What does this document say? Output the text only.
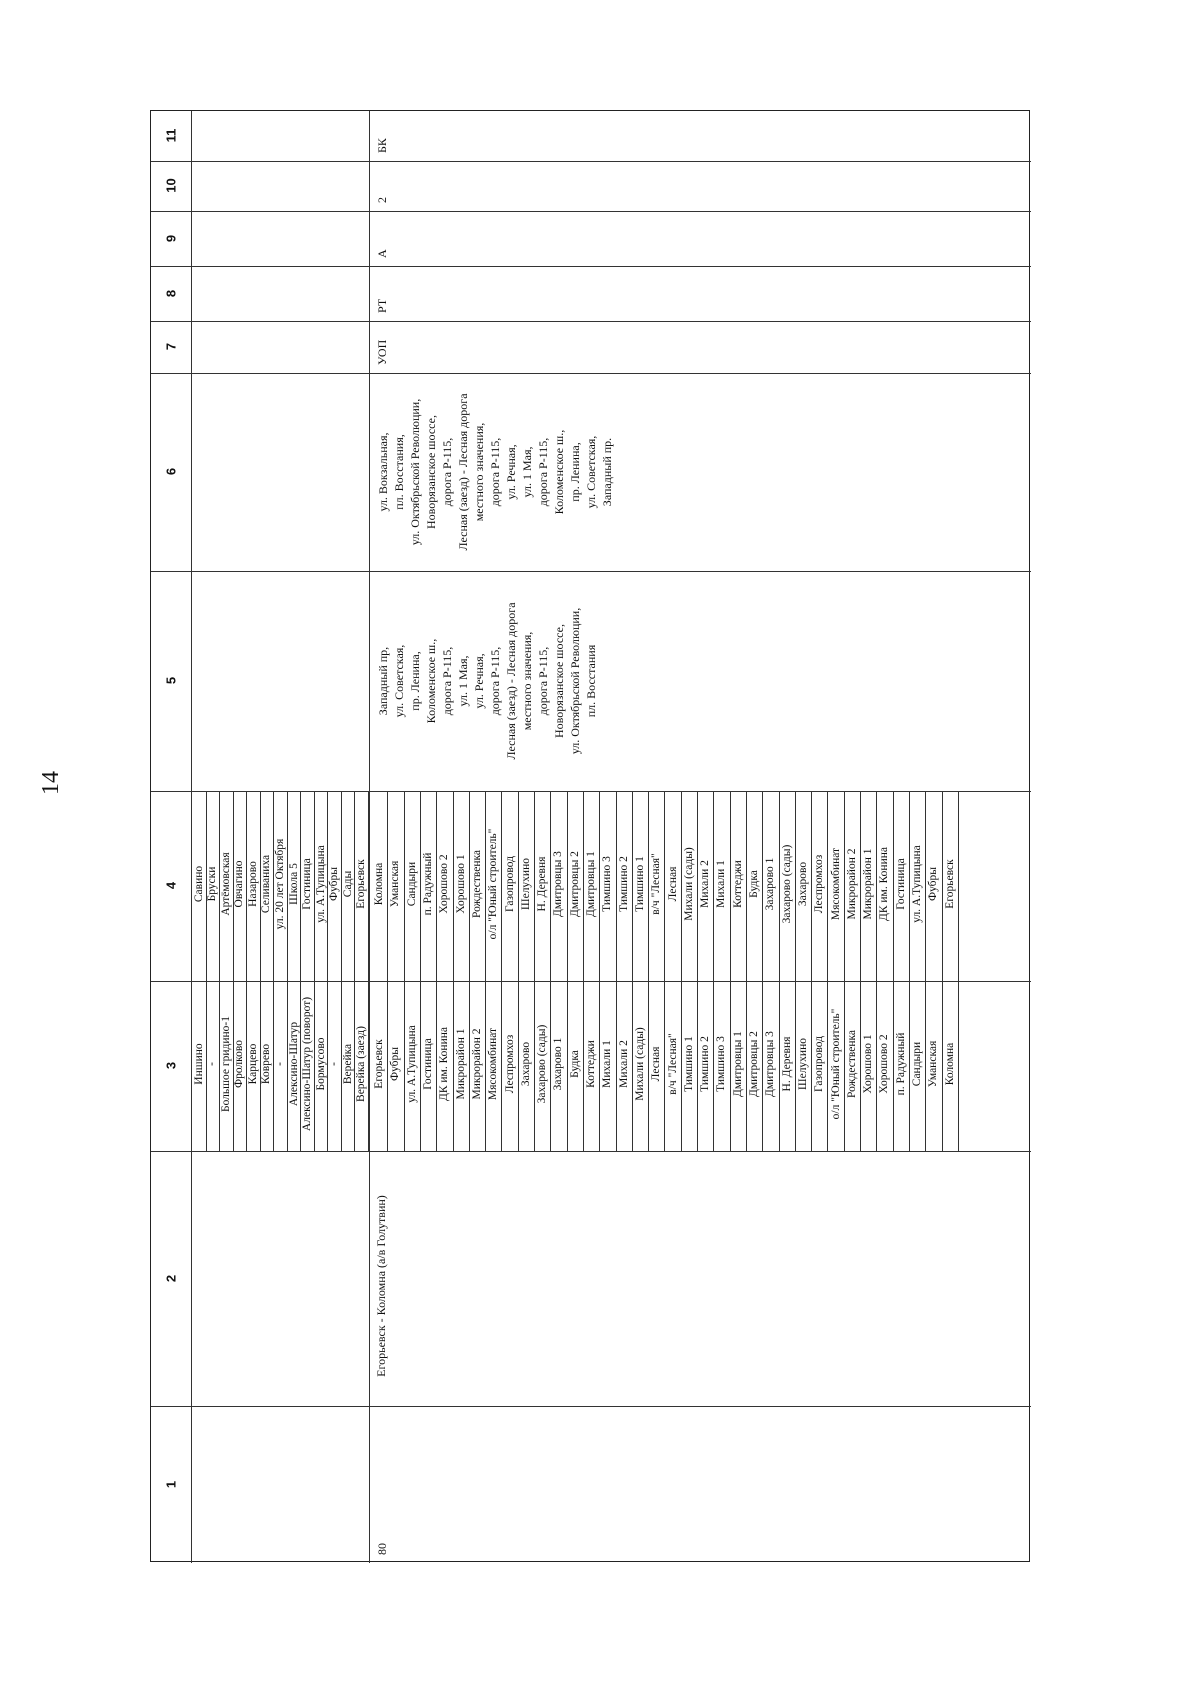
14
1
2
3
4
5
6
7
8
9
10
11
Иншино - Большое гридино-1 Фролково Карцево Коврево - Алексино-Шатур Алексино-Шатур (поворот) Бормусово - Верейка Верейка (заезд)
Савино Бруски Артёмовская Овчагино Назарово Селиваниха ул. 20 лет Октября Школа 5 Гостиница ул. А.Тупицына Фубры Сады Егорьевск
Егорьевск Фубры ул. А.Тупицына Гостиница ДК им. Конина Микрорайон 1 Микрорайон 2 Мясокомбинат Леспромхоз Захарово Захарово (сады) Захарово 1 Будка Коттеджи Михали 1 Михали 2 Михали (сады) Лесная в/ч "Лесная" Тимшино 1 Тимшино 2 Тимшино 3 Дмитровцы 1 Дмитровцы 2 Дмитровцы 3 Н. Деревня Шелухино Газопровод о/л "Юный строитель" Рождественка Хорошово 1 Хорошово 2 п. Радужный Сандыри Уманская Коломна
Коломна Уманская Сандыри п. Радужный Хорошово 2 Хорошово 1 Рождественка о/л "Юный строитель" Газопровод Шелухино Н. Деревня Дмитровцы 3 Дмитровцы 2 Дмитровцы 1 Тимшино 3 Тимшино 2 Тимшино 1 в/ч "Лесная" Лесная Михали (сады) Михали 2 Михали 1 Коттеджи Будка Захарово 1 Захарово (сады) Захарово Леспромхоз Мясокомбинат Микрорайон 2 Микрорайон 1 ДК им. Конина Гостиница ул. А.Тупицына Фубры Егорьевск
80
Егорьевск - Коломна (а/в Голутвин)
Западный пр, ул. Советская, пр. Ленина, Коломенское ш., дорога Р-115, ул. 1 Мая, ул. Речная, дорога Р-115, Лесная (заезд) - Лесная дорога местного значения, дорога Р-115, Новорязанское шоссе, ул. Октябрьской Революции, пл. Восстания
ул. Вокзальная, пл. Восстания, ул. Октябрьской Революции, Новорязанское шоссе, дорога Р-115, Лесная (заезд) - Лесная дорога местного значения, дорога Р-115, ул. Речная, ул. 1 Мая, дорога Р-115, Коломенское ш., пр. Ленина, ул. Советская, Западный пр.
УОП
РТ
А
2
БК
